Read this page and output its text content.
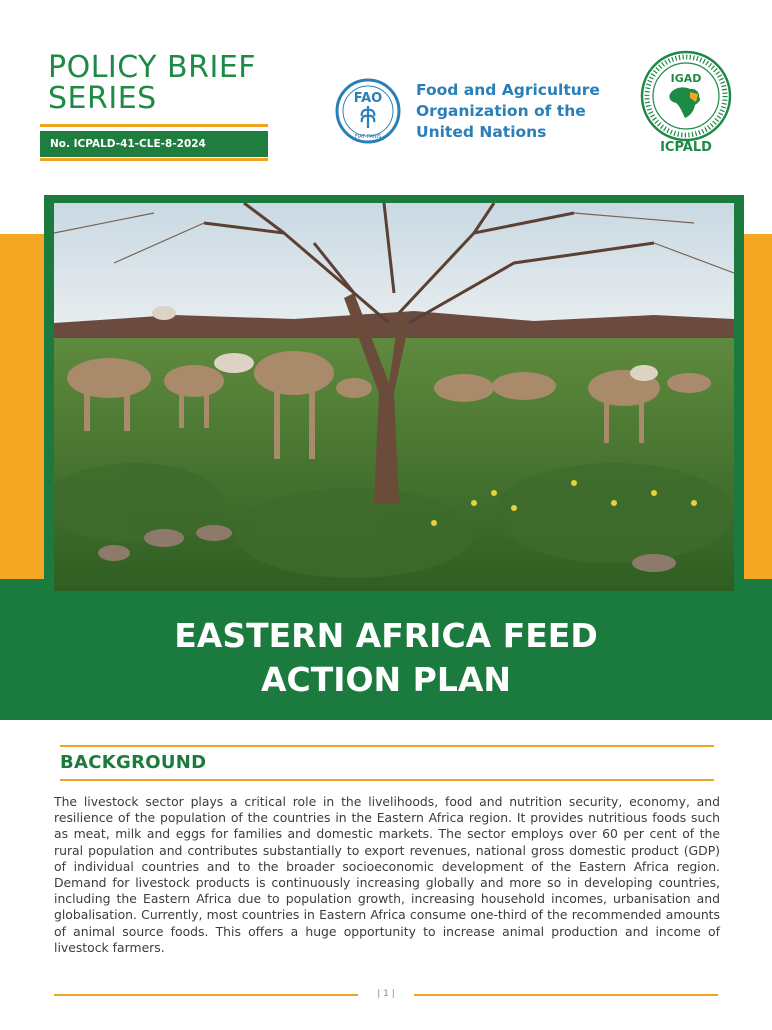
POLICY BRIEF
SERIES
No. ICPALD-41-CLE-8-2024
FAO
FIAT PANIS
Food and Agriculture
Organization of the
United Nations
IGAD
ICPALD
EASTERN AFRICA FEED
ACTION PLAN
BACKGROUND
The livestock sector plays a critical role in the livelihoods, food and nutrition security, economy, and resilience of the population of the countries in the Eastern Africa region. It provides nutritious foods such as meat, milk and eggs for families and domestic markets. The sector employs over 60 per cent of the rural population and contributes substantially to export revenues, national gross domestic product (GDP) of individual countries and to the broader socioeconomic development of the Eastern Africa region. Demand for livestock products is continuously increasing globally and more so in developing countries, including the Eastern Africa due to population growth, increasing household incomes, urbanisation and globalisation. Currently, most countries in Eastern Africa consume one-third of the recommended amounts of animal source foods. This offers a huge opportunity to increase animal production and income of livestock farmers.
| 1 |
